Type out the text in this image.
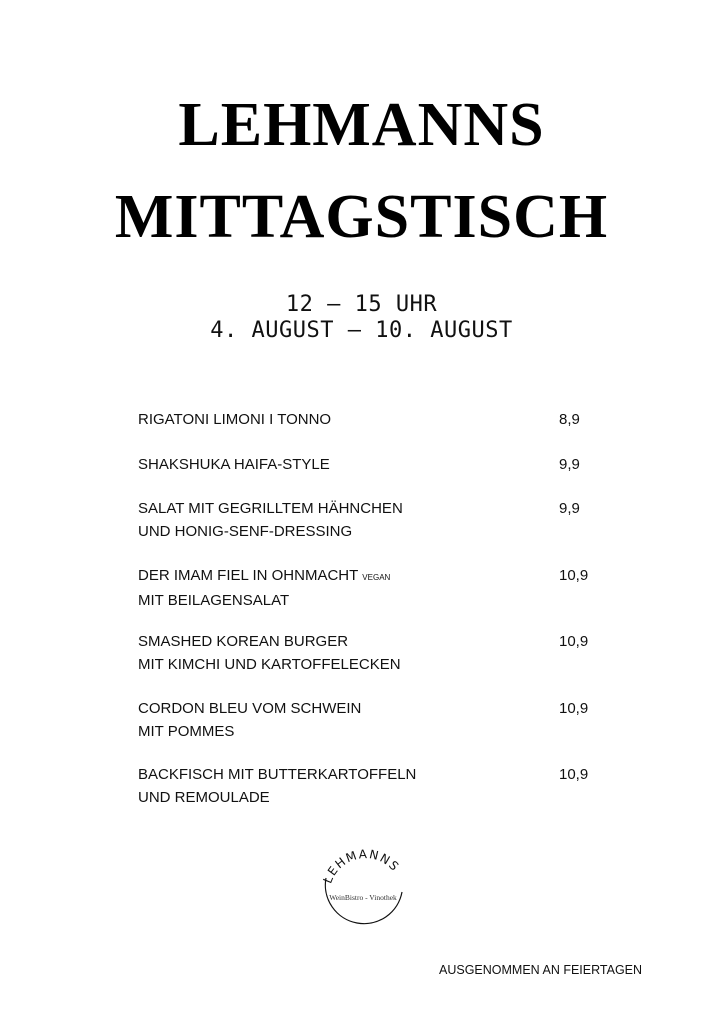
LEHMANNS
MITTAGSTISCH
12 – 15 UHR
4. AUGUST – 10. AUGUST
RIGATONI LIMONI I TONNO	8,9
SHAKSHUKA HAIFA-STYLE	9,9
SALAT MIT GEGRILLTEM HÄHNCHEN
UND HONIG-SENF-DRESSING
9,9
DER IMAM FIEL IN OHNMACHT VEGAN
MIT BEILAGENSALAT
10,9
SMASHED KOREAN BURGER
MIT KIMCHI UND KARTOFFELECKEN
10,9
CORDON BLEU VOM SCHWEIN
MIT POMMES
10,9
BACKFISCH MIT BUTTERKARTOFFELN
UND REMOULADE
10,9
LEHMANNS
WeinBistro - Vinothek
AUSGENOMMEN AN FEIERTAGEN
